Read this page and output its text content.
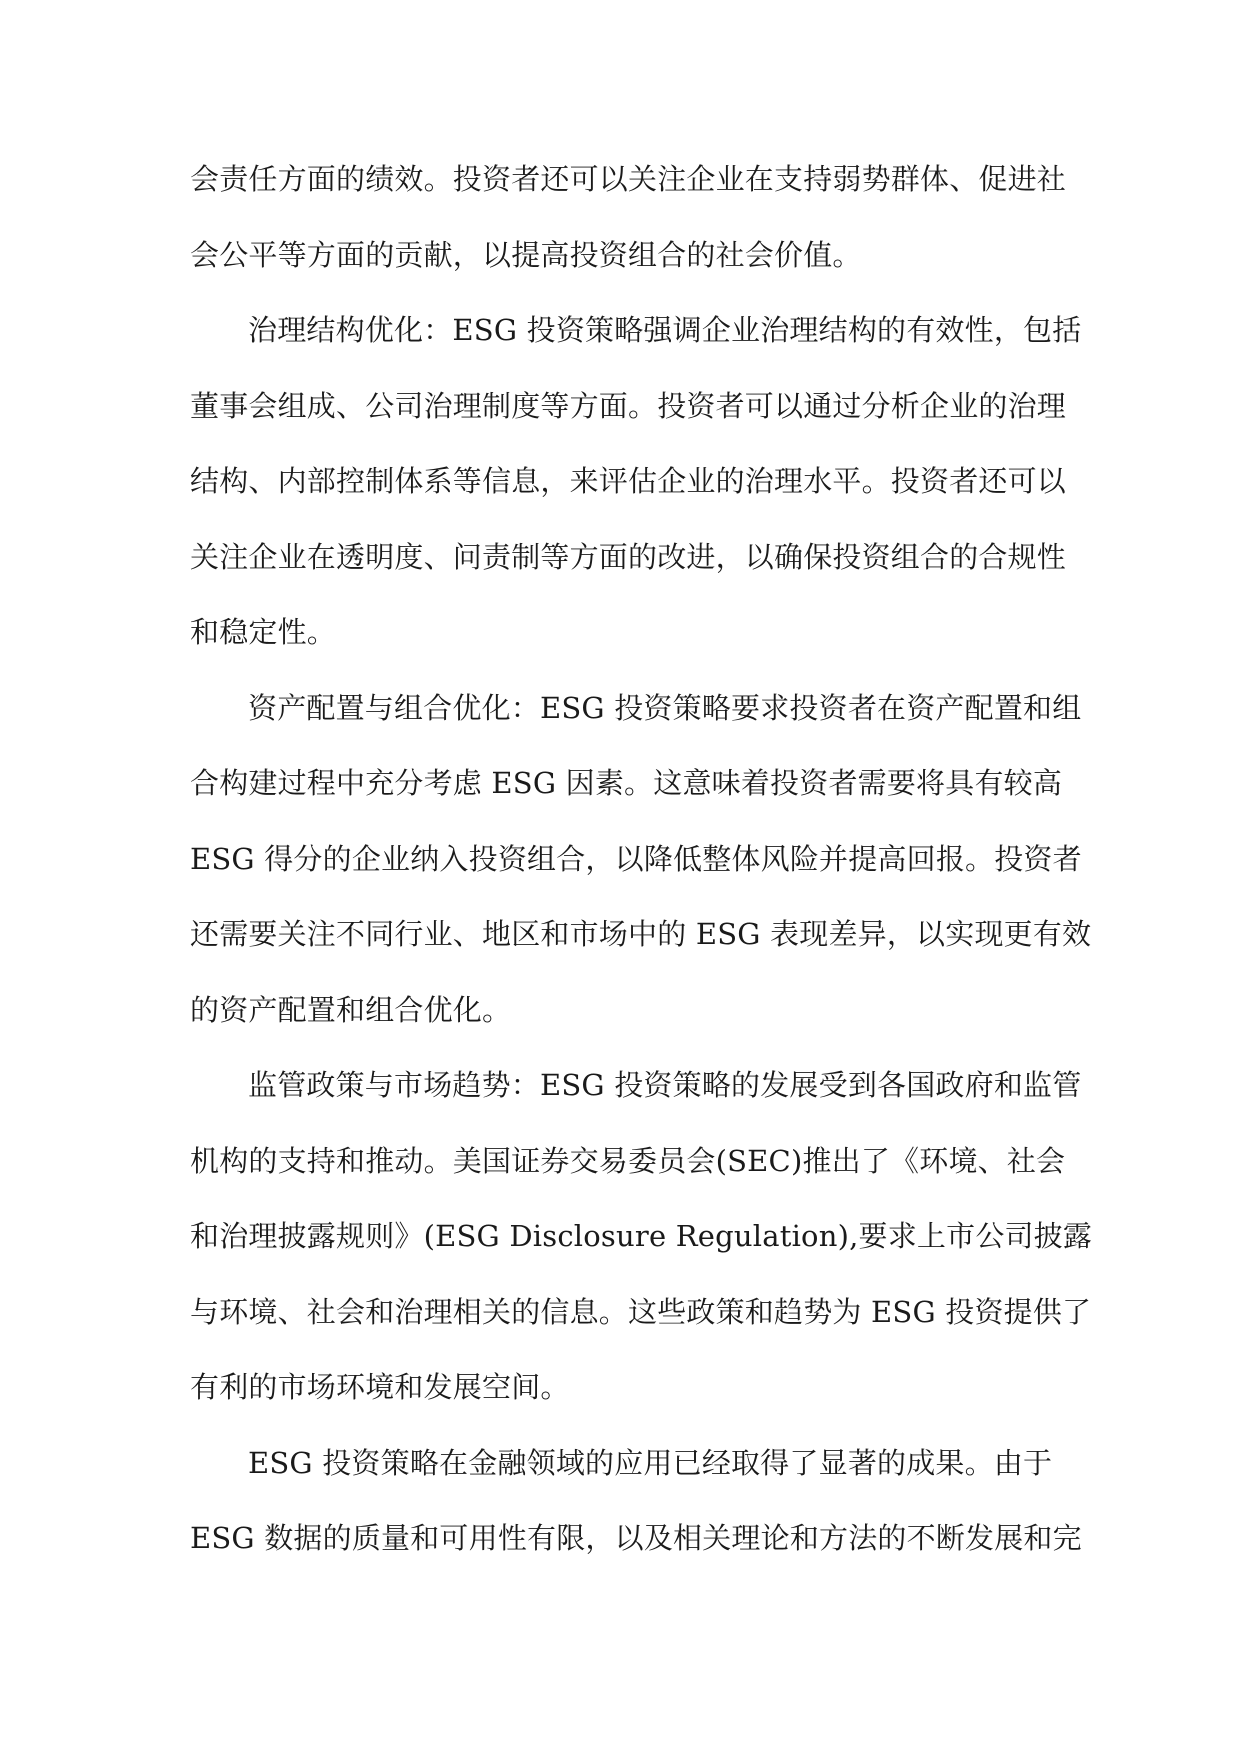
会责任方面的绩效。投资者还可以关注企业在支持弱势群体、促进社
会公平等方面的贡献，以提高投资组合的社会价值。
治理结构优化：ESG 投资策略强调企业治理结构的有效性，包括
董事会组成、公司治理制度等方面。投资者可以通过分析企业的治理
结构、内部控制体系等信息，来评估企业的治理水平。投资者还可以
关注企业在透明度、问责制等方面的改进，以确保投资组合的合规性
和稳定性。
资产配置与组合优化：ESG 投资策略要求投资者在资产配置和组
合构建过程中充分考虑 ESG 因素。这意味着投资者需要将具有较高
ESG 得分的企业纳入投资组合，以降低整体风险并提高回报。投资者
还需要关注不同行业、地区和市场中的 ESG 表现差异，以实现更有效
的资产配置和组合优化。
监管政策与市场趋势：ESG 投资策略的发展受到各国政府和监管
机构的支持和推动。美国证券交易委员会(SEC)推出了《环境、社会
和治理披露规则》(ESG Disclosure Regulation),要求上市公司披露
与环境、社会和治理相关的信息。这些政策和趋势为 ESG 投资提供了
有利的市场环境和发展空间。
ESG 投资策略在金融领域的应用已经取得了显著的成果。由于
ESG 数据的质量和可用性有限，以及相关理论和方法的不断发展和完
